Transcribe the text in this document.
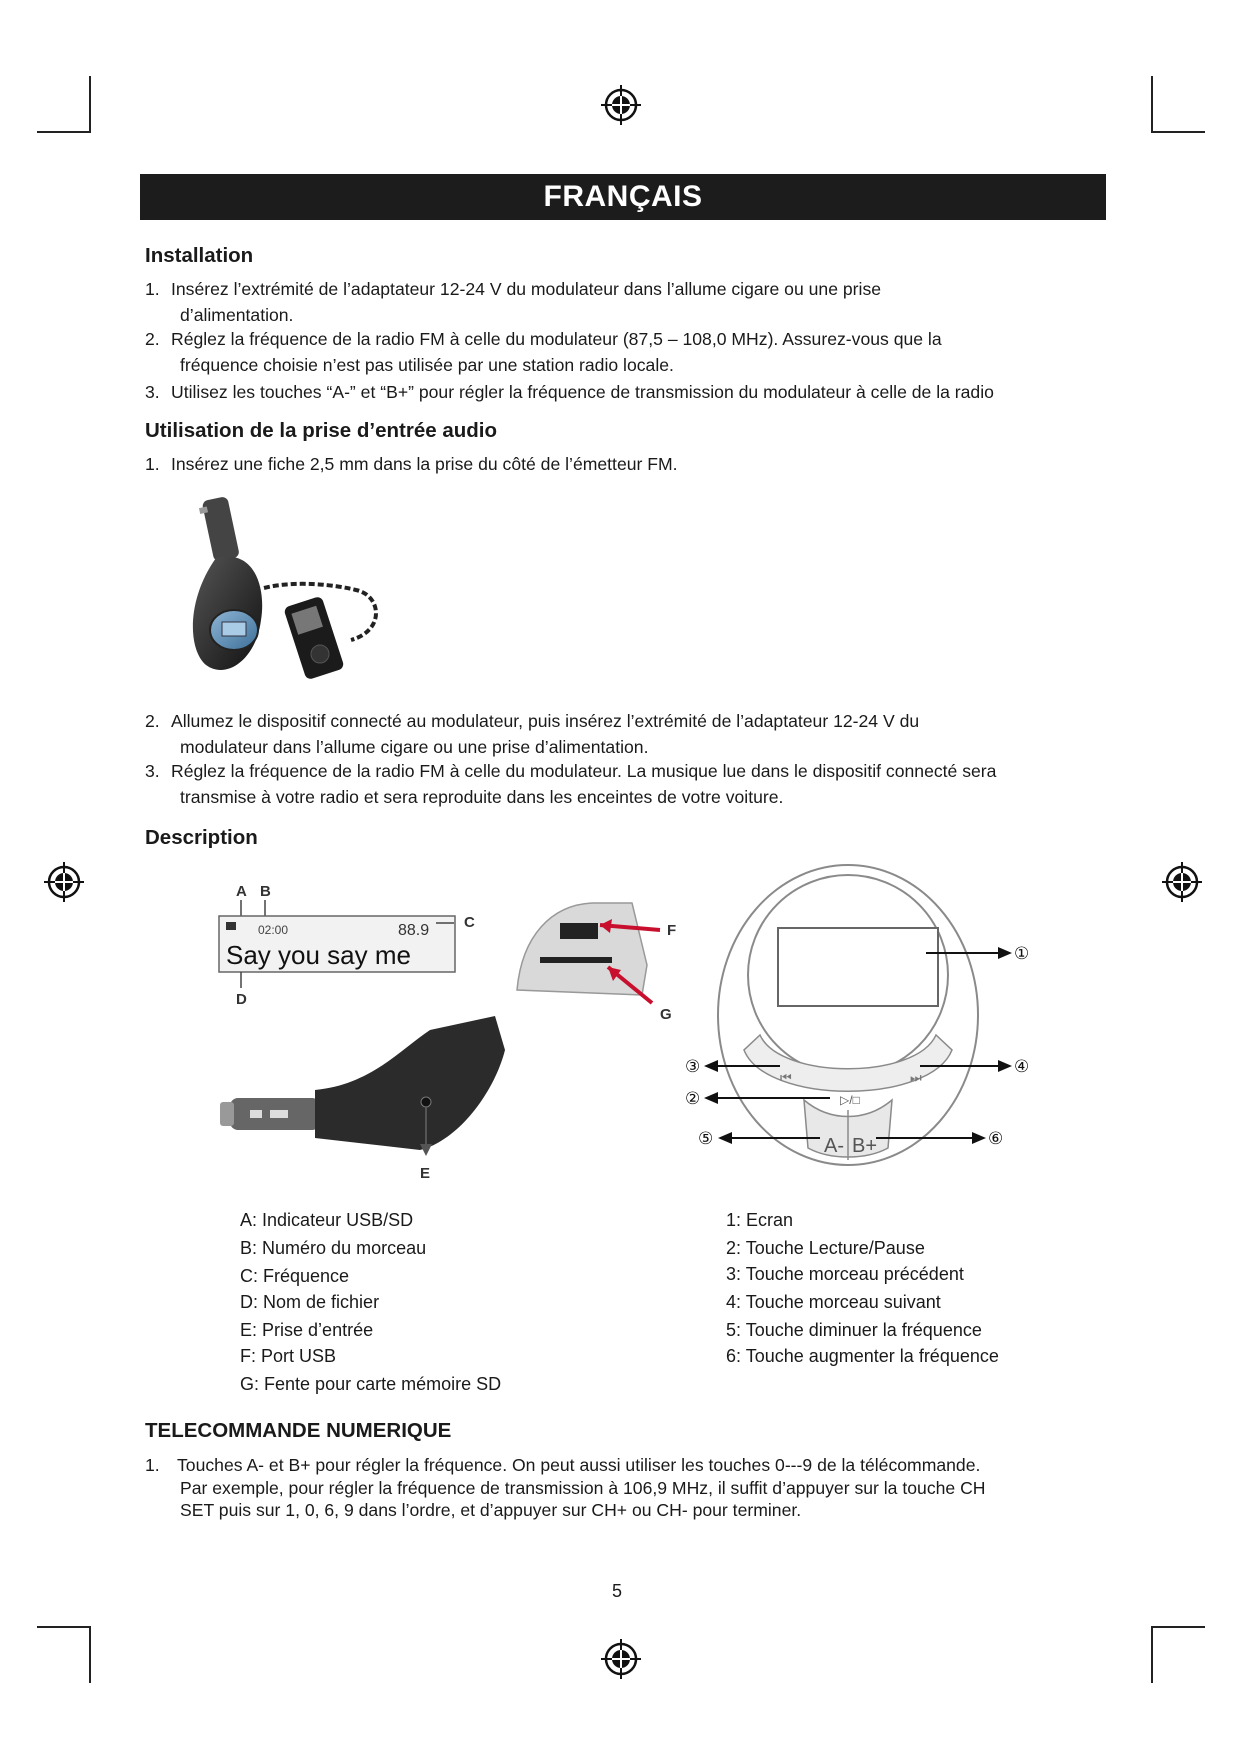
FRANÇAIS
Installation
1. Insérez l’extrémité de l’adaptateur 12-24 V du modulateur dans l’allume cigare ou une prise
d’alimentation.
2. Réglez la fréquence de la radio FM à celle du modulateur (87,5 – 108,0 MHz). Assurez-vous que la
fréquence choisie n’est pas utilisée par une station radio locale.
3. Utilisez les touches “A-” et “B+” pour régler la fréquence de transmission du modulateur à celle de la radio
Utilisation de la prise d’entrée audio
1. Insérez une fiche 2,5 mm dans la prise du côté de l’émetteur FM.
2. Allumez le dispositif connecté au modulateur, puis insérez l’extrémité de l’adaptateur 12-24 V du
modulateur dans l’allume cigare ou une prise d’alimentation.
3. Réglez la fréquence de la radio FM à celle du modulateur. La musique lue dans le dispositif connecté sera
transmise à votre radio et sera reproduite dans les enceintes de votre voiture.
Description
A B
02:00	88.9
Say you say me
C
D
F
G
E
⏮	⏭
▷/□
A- B+
①
③	④
②
⑤	⑥
A: Indicateur USB/SD
B: Numéro du morceau
C: Fréquence
D: Nom de fichier
E: Prise d’entrée
F: Port USB
G: Fente pour carte mémoire SD
1: Ecran
2: Touche Lecture/Pause
3: Touche morceau précédent
4: Touche morceau suivant
5: Touche diminuer la fréquence
6: Touche augmenter la fréquence
TELECOMMANDE NUMERIQUE
1. Touches A- et B+ pour régler la fréquence. On peut aussi utiliser les touches 0---9 de la télécommande.
Par exemple, pour régler la fréquence de transmission à 106,9 MHz, il suffit d’appuyer sur la touche CH
SET puis sur 1, 0, 6, 9 dans l’ordre, et d’appuyer sur CH+ ou CH- pour terminer.
5
